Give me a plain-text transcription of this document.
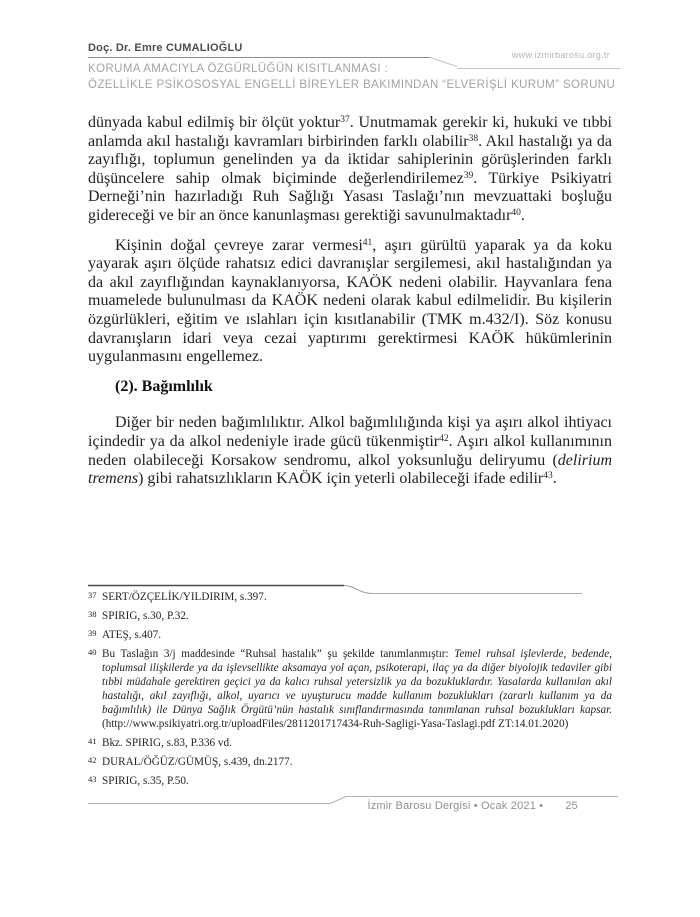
Doç. Dr. Emre CUMALIOĞLU
www.izmirbarosu.org.tr
KORUMA AMACIYLA ÖZGÜRLÜĞÜN KISITLANMASI :
ÖZELLİKLE PSİKOSOSYAL ENGELLİ BİREYLER BAKIMINDAN “ELVERİŞLİ KURUM” SORUNU

dünyada kabul edilmiş bir ölçüt yoktur$^{37}$. Unutmamak gerekir ki, hukuki ve tıbbi anlamda akıl hastalığı kavramları birbirinden farklı olabilir$^{38}$. Akıl hastalığı ya da zayıflığı, toplumun genelinden ya da iktidar sahiplerinin görüşlerinden farklı düşüncelere sahip olmak biçiminde değerlendirilemez$^{39}$. Türkiye Psikiyatri Derneği’nin hazırladığı Ruh Sağlığı Yasası Taslağı’nın mevzuattaki boşluğu gidereceği ve bir an önce kanunlaşması gerektiği savunulmaktadır$^{40}$.

Kişinin doğal çevreye zarar vermesi$^{41}$, aşırı gürültü yaparak ya da koku yayarak aşırı ölçüde rahatsız edici davranışlar sergilemesi, akıl hastalığından ya da akıl zayıflığından kaynaklanıyorsa, KAÖK nedeni olabilir. Hayvanlara fena muamelede bulunulması da KAÖK nedeni olarak kabul edilmelidir. Bu kişilerin özgürlükleri, eğitim ve ıslahları için kısıtlanabilir (TMK m.432/I). Söz konusu davranışların idari veya cezai yaptırımı gerektirmesi KAÖK hükümlerinin uygulanmasını engellemez.

(2). Bağımlılık

Diğer bir neden bağımlılıktır. Alkol bağımlılığında kişi ya aşırı alkol ihtiyacı içindedir ya da alkol nedeniyle irade gücü tükenmiştir$^{42}$. Aşırı alkol kullanımının neden olabileceği Korsakow sendromu, alkol yoksunluğu deliryumu (delirium tremens) gibi rahatsızlıkların KAÖK için yeterli olabileceği ifade edilir$^{43}$.

37 SERT/ÖZÇELİK/YILDIRIM, s.397.
38 SPIRIG, s.30, P.32.
39 ATEŞ, s.407.
40 Bu Taslağın 3/j maddesinde “Ruhsal hastalık” şu şekilde tanımlanmıştır: Temel ruhsal işlevlerde, bedende, toplumsal ilişkilerde ya da işlevsellikte aksamaya yol açan, psikoterapi, ilaç ya da diğer biyolojik tedaviler gibi tıbbi müdahale gerektiren geçici ya da kalıcı ruhsal yetersizlik ya da bozukluklardır. Yasalarda kullanılan akıl hastalığı, akıl zayıflığı, alkol, uyarıcı ve uyuşturucu madde kullanım bozuklukları (zararlı kullanım ya da bağımlılık) ile Dünya Sağlık Örgütü’nün hastalık sınıflandırmasında tanımlanan ruhsal bozuklukları kapsar. (http://www.psikiyatri.org.tr/uploadFiles/2811201717434-Ruh-Sagligi-Yasa-Taslagi.pdf ZT:14.01.2020)
41 Bkz. SPIRIG, s.83, P.336 vd.
42 DURAL/ÖĞÜZ/GÜMÜŞ, s.439, dn.2177.
43 SPIRIG, s.35, P.50.
İzmir Barosu Dergisi • Ocak 2021 • 25
